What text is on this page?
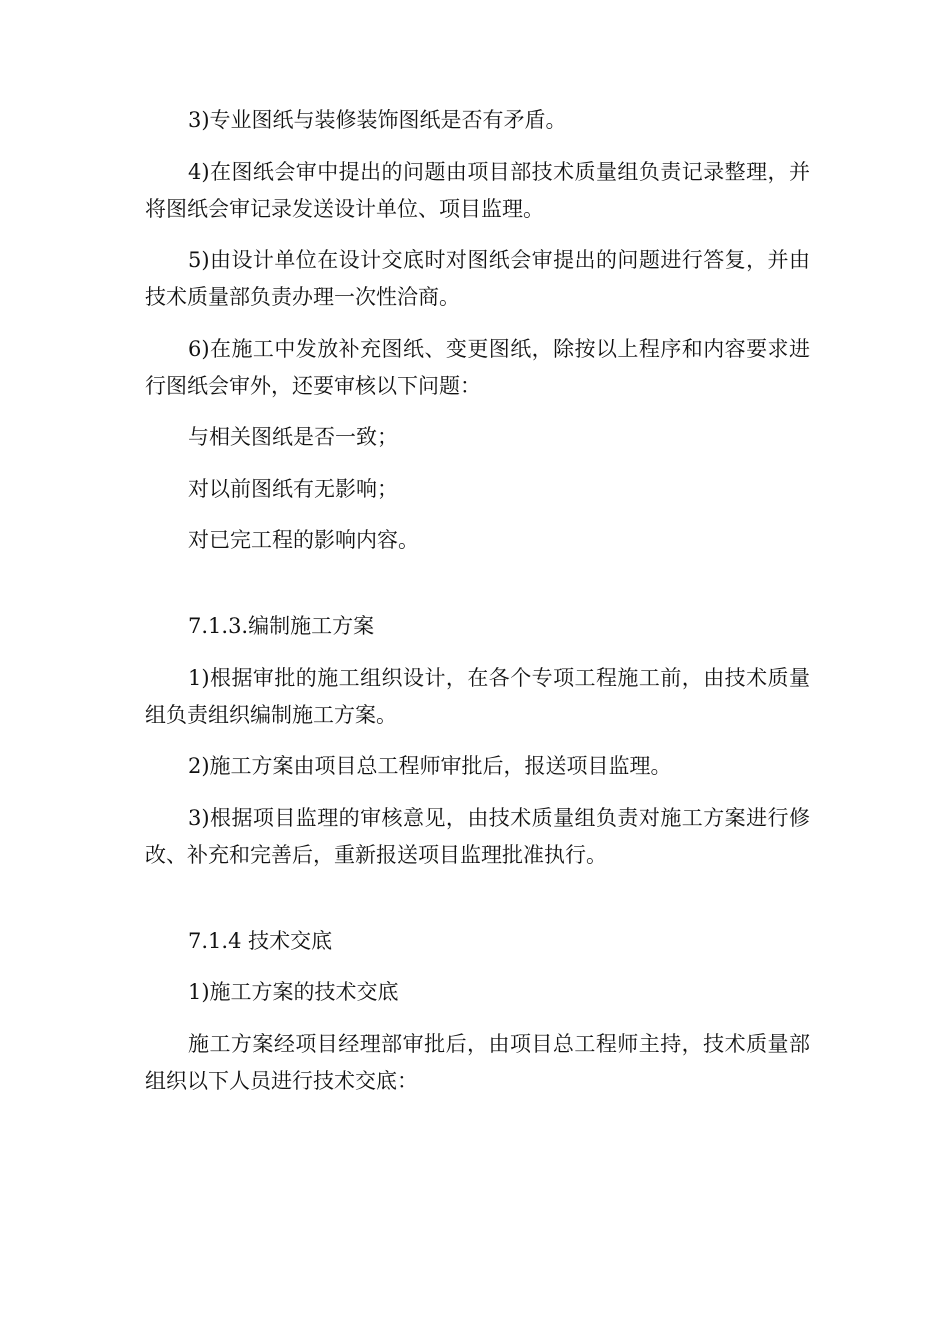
3)专业图纸与装修装饰图纸是否有矛盾。

4)在图纸会审中提出的问题由项目部技术质量组负责记录整理，并将图纸会审记录发送设计单位、项目监理。

5)由设计单位在设计交底时对图纸会审提出的问题进行答复，并由技术质量部负责办理一次性洽商。

6)在施工中发放补充图纸、变更图纸，除按以上程序和内容要求进行图纸会审外，还要审核以下问题：

与相关图纸是否一致；

对以前图纸有无影响；

对已完工程的影响内容。

7.1.3.编制施工方案

1)根据审批的施工组织设计，在各个专项工程施工前，由技术质量组负责组织编制施工方案。

2)施工方案由项目总工程师审批后，报送项目监理。

3)根据项目监理的审核意见，由技术质量组负责对施工方案进行修改、补充和完善后，重新报送项目监理批准执行。

7.1.4 技术交底

1)施工方案的技术交底

施工方案经项目经理部审批后，由项目总工程师主持，技术质量部组织以下人员进行技术交底：
